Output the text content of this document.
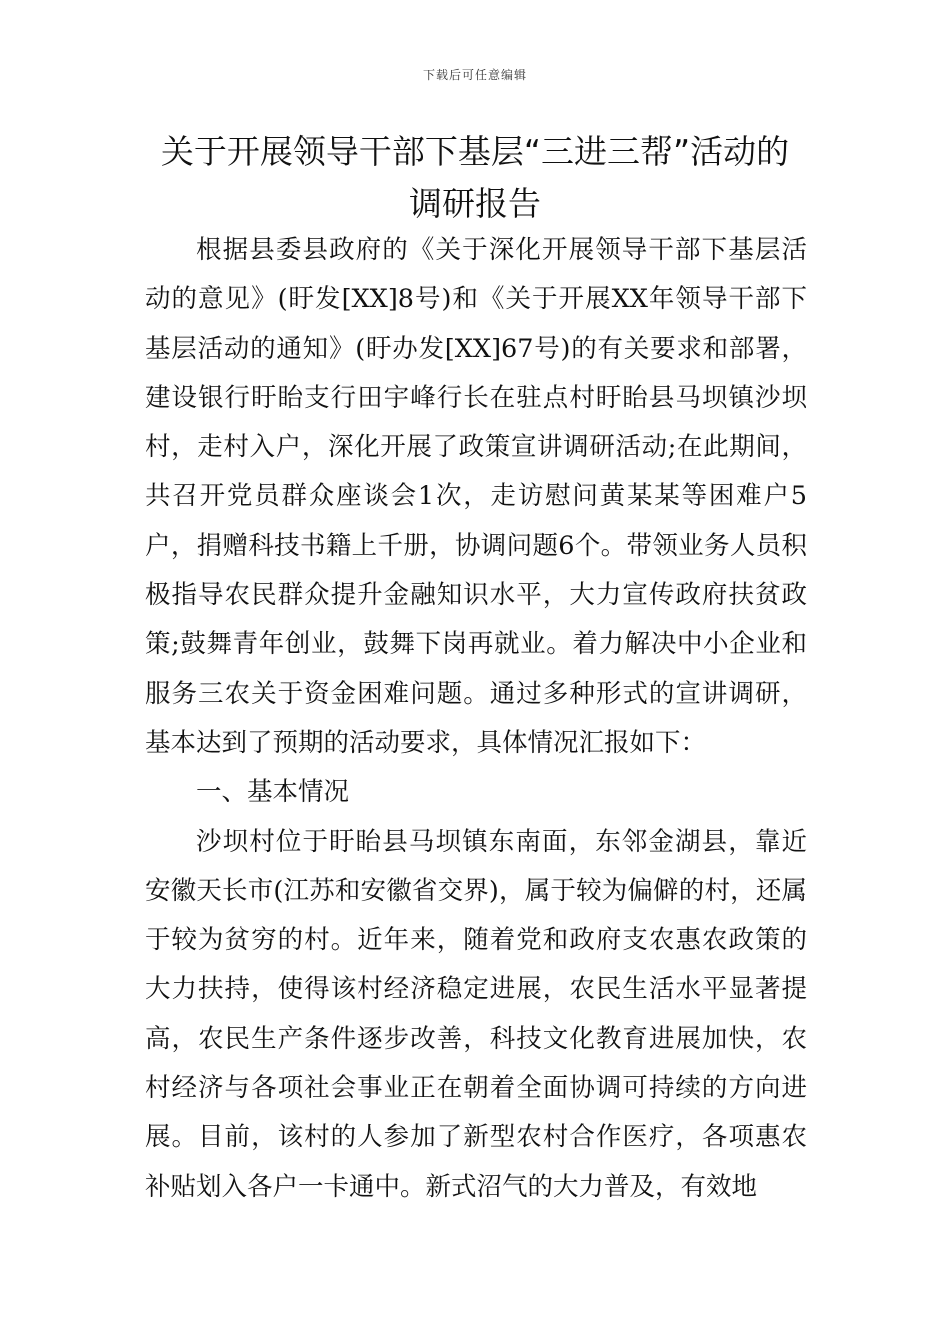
下载后可任意编辑
关于开展领导干部下基层“三进三帮”活动的调研报告

根据县委县政府的《关于深化开展领导干部下基层活动的意见》(盱发[XX]8号)和《关于开展XX年领导干部下基层活动的通知》(盱办发[XX]67号)的有关要求和部署，建设银行盱眙支行田宇峰行长在驻点村盱眙县马坝镇沙坝村，走村入户，深化开展了政策宣讲调研活动;在此期间，共召开党员群众座谈会1次，走访慰问黄某某等困难户5户，捐赠科技书籍上千册，协调问题6个。带领业务人员积极指导农民群众提升金融知识水平，大力宣传政府扶贫政策;鼓舞青年创业，鼓舞下岗再就业。着力解决中小企业和服务三农关于资金困难问题。通过多种形式的宣讲调研，基本达到了预期的活动要求，具体情况汇报如下：

一、基本情况

沙坝村位于盱眙县马坝镇东南面，东邻金湖县，靠近安徽天长市(江苏和安徽省交界)，属于较为偏僻的村，还属于较为贫穷的村。近年来，随着党和政府支农惠农政策的大力扶持，使得该村经济稳定进展，农民生活水平显著提高，农民生产条件逐步改善，科技文化教育进展加快，农村经济与各项社会事业正在朝着全面协调可持续的方向进展。目前，该村的人参加了新型农村合作医疗，各项惠农补贴划入各户一卡通中。新式沼气的大力普及，有效地
